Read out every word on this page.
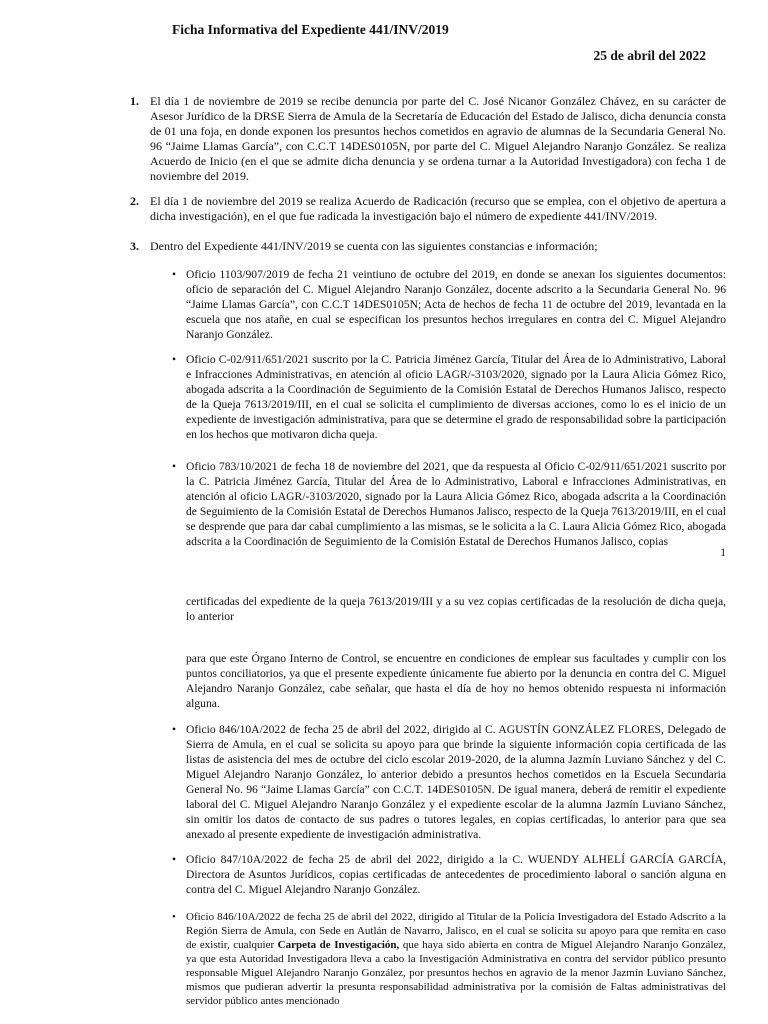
Ficha Informativa del Expediente 441/INV/2019
25 de abril del 2022
1. El día 1 de noviembre de 2019 se recibe denuncia por parte del C. José Nicanor González Chávez, en su carácter de Asesor Jurídico de la DRSE Sierra de Amula de la Secretaría de Educación del Estado de Jalisco, dicha denuncia consta de 01 una foja, en donde exponen los presuntos hechos cometidos en agravio de alumnas de la Secundaria General No. 96 “Jaime Llamas García”, con C.C.T 14DES0105N, por parte del C. Miguel Alejandro Naranjo González. Se realiza Acuerdo de Inicio (en el que se admite dicha denuncia y se ordena turnar a la Autoridad Investigadora) con fecha 1 de noviembre del 2019.
2. El día 1 de noviembre del 2019 se realiza Acuerdo de Radicación (recurso que se emplea, con el objetivo de apertura a dicha investigación), en el que fue radicada la investigación bajo el número de expediente 441/INV/2019.
3. Dentro del Expediente 441/INV/2019 se cuenta con las siguientes constancias e información;
• Oficio 1103/907/2019 de fecha 21 veintiuno de octubre del 2019, en donde se anexan los siguientes documentos: oficio de separación del C. Miguel Alejandro Naranjo González, docente adscrito a la Secundaria General No. 96 “Jaime Llamas García”, con C.C.T 14DES0105N; Acta de hechos de fecha 11 de octubre del 2019, levantada en la escuela que nos atañe, en cual se especifican los presuntos hechos irregulares en contra del C. Miguel Alejandro Naranjo González.
• Oficio C-02/911/651/2021 suscrito por la C. Patricia Jiménez García, Titular del Área de lo Administrativo, Laboral e Infracciones Administrativas, en atención al oficio LAGR/-3103/2020, signado por la Laura Alicia Gómez Rico, abogada adscrita a la Coordinación de Seguimiento de la Comisión Estatal de Derechos Humanos Jalisco, respecto de la Queja 7613/2019/III, en el cual se solicita el cumplimiento de diversas acciones, como lo es el inicio de un expediente de investigación administrativa, para que se determine el grado de responsabilidad sobre la participación en los hechos que motivaron dicha queja.
• Oficio 783/10/2021 de fecha 18 de noviembre del 2021, que da respuesta al Oficio C-02/911/651/2021 suscrito por la C. Patricia Jiménez García, Titular del Área de lo Administrativo, Laboral e Infracciones Administrativas, en atención al oficio LAGR/-3103/2020, signado por la Laura Alicia Gómez Rico, abogada adscrita a la Coordinación de Seguimiento de la Comisión Estatal de Derechos Humanos Jalisco, respecto de la Queja 7613/2019/III, en el cual se desprende que para dar cabal cumplimiento a las mismas, se le solicita a la C. Laura Alicia Gómez Rico, abogada adscrita a la Coordinación de Seguimiento de la Comisión Estatal de Derechos Humanos Jalisco, copias
1
certificadas del expediente de la queja 7613/2019/III y a su vez copias certificadas de la resolución de dicha queja, lo anterior
para que este Órgano Interno de Control, se encuentre en condiciones de emplear sus facultades y cumplir con los puntos conciliatorios, ya que el presente expediente únicamente fue abierto por la denuncia en contra del C. Miguel Alejandro Naranjo González, cabe señalar, que hasta el día de hoy no hemos obtenido respuesta ni información alguna.
• Oficio 846/10A/2022 de fecha 25 de abril del 2022, dirigido al C. AGUSTÍN GONZÁLEZ FLORES, Delegado de Sierra de Amula, en el cual se solicita su apoyo para que brinde la siguiente información copia certificada de las listas de asistencia del mes de octubre del ciclo escolar 2019-2020, de la alumna Jazmín Luviano Sánchez y del C. Miguel Alejandro Naranjo González, lo anterior debido a presuntos hechos cometidos en la Escuela Secundaria General No. 96 “Jaime Llamas García” con C.C.T. 14DES0105N. De igual manera, deberá de remitir el expediente laboral del C. Miguel Alejandro Naranjo González y el expediente escolar de la alumna Jazmín Luviano Sánchez, sin omitir los datos de contacto de sus padres o tutores legales, en copias certificadas, lo anterior para que sea anexado al presente expediente de investigación administrativa.
• Oficio 847/10A/2022 de fecha 25 de abril del 2022, dirigido a la C. WUENDY ALHELÍ GARCÍA GARCÍA, Directora de Asuntos Jurídicos, copias certificadas de antecedentes de procedimiento laboral o sanción alguna en contra del C. Miguel Alejandro Naranjo González.
• Oficio 846/10A/2022 de fecha 25 de abril del 2022, dirigido al Titular de la Policía Investigadora del Estado Adscrito a la Región Sierra de Amula, con Sede en Autlán de Navarro, Jalisco, en el cual se solicita su apoyo para que remita en caso de existir, cualquier Carpeta de Investigación, que haya sido abierta en contra de Miguel Alejandro Naranjo González, ya que esta Autoridad Investigadora lleva a cabo la Investigación Administrativa en contra del servidor público presunto responsable Miguel Alejandro Naranjo González, por presuntos hechos en agravio de la menor Jazmín Luviano Sánchez, mismos que pudieran advertir la presunta responsabilidad administrativa por la comisión de Faltas administrativas del servidor público antes mencionado
